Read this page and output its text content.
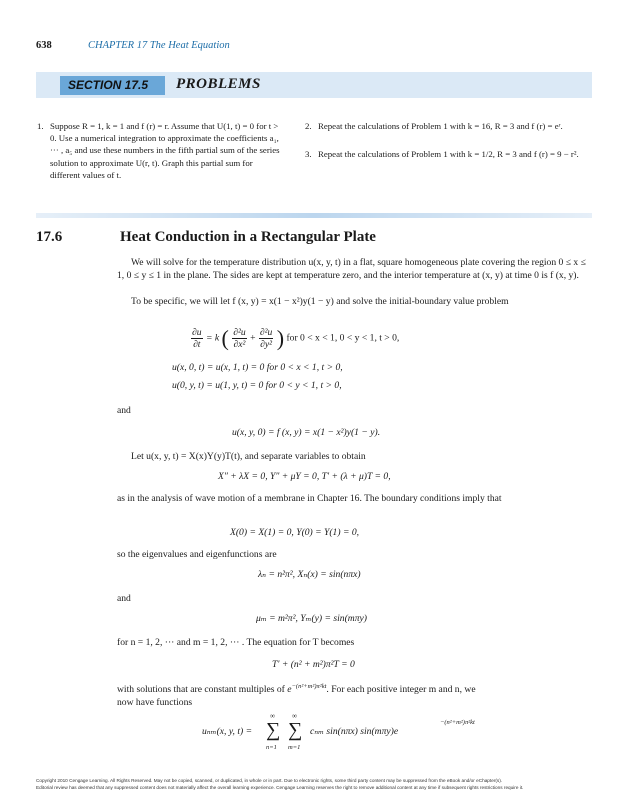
638	CHAPTER 17 The Heat Equation
SECTION 17.5 PROBLEMS
1. Suppose R = 1, k = 1 and f (r) = r. Assume that U(1, t) = 0 for t > 0. Use a numerical integration to approximate the coefficients a₁, ··· , a₅ and use these numbers in the fifth partial sum of the series solution to approximate U(r, t). Graph this partial sum for different values of t.
2. Repeat the calculations of Problem 1 with k = 16, R = 3 and f (r) = eʳ.
3. Repeat the calculations of Problem 1 with k = 1/2, R = 3 and f (r) = 9 − r².
17.6	Heat Conduction in a Rectangular Plate
We will solve for the temperature distribution u(x, y, t) in a flat, square homogeneous plate covering the region 0 ≤ x ≤ 1, 0 ≤ y ≤ 1 in the plane. The sides are kept at temperature zero, and the interior temperature at (x, y) at time 0 is f (x, y).
To be specific, we will let f (x, y) = x(1 − x²)y(1 − y) and solve the initial-boundary value problem
$\frac{\partial u}{\partial t} = k$ ( $\frac{\text{∂²u}}{\text{∂x²}} + \frac{\text{∂²u}}{\text{∂y²}}$ ) for 0 < x < 1, 0 < y < 1, t > 0,
u(x, 0, t) = u(x, 1, t) = 0 for 0 < x < 1, t > 0,
u(0, y, t) = u(1, y, t) = 0 for 0 < y < 1, t > 0,
and
u(x, y, 0) = f (x, y) = x(1 − x²)y(1 − y).
Let u(x, y, t) = X(x)Y(y)T(t), and separate variables to obtain
X″ + λX = 0, Y″ + μY = 0, T′ + (λ + μ)T = 0,
as in the analysis of wave motion of a membrane in Chapter 16. The boundary conditions imply that
X(0) = X(1) = 0, Y(0) = Y(1) = 0,
so the eigenvalues and eigenfunctions are
λₙ = n²π², Xₙ(x) = sin(nπx)
and
μₘ = m²π², Yₘ(y) = sin(mπy)
for n = 1, 2, ··· and m = 1, 2, ··· . The equation for T becomes
T′ + (n² + m²)π²T = 0
with solutions that are constant multiples of $e^{-(n^2+m^2)\pi^2kt}$. For each positive integer m and n, we
now have functions
uₙₘ(x, y, t) =
∞
∑
n=1
∞
∑
m=1
cₙₘ sin(nπx) sin(mπy)e
−(n²+m²)π²kt
Copyright 2010 Cengage Learning. All Rights Reserved. May not be copied, scanned, or duplicated, in whole or in part. Due to electronic rights, some third party content may be suppressed from the eBook and/or eChapter(s).
Editorial review has deemed that any suppressed content does not materially affect the overall learning experience. Cengage Learning reserves the right to remove additional content at any time if subsequent rights restrictions require it.
